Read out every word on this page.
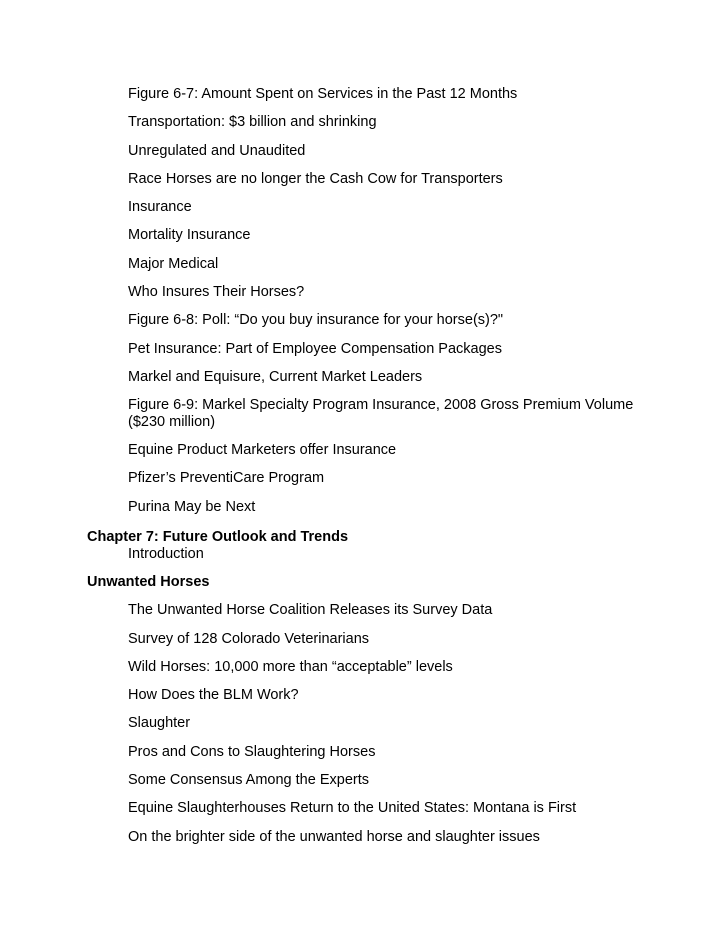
Figure 6-7: Amount Spent on Services in the Past 12 Months
Transportation: $3 billion and shrinking
Unregulated and Unaudited
Race Horses are no longer the Cash Cow for Transporters
Insurance
Mortality Insurance
Major Medical
Who Insures Their Horses?
Figure 6-8: Poll: “Do you buy insurance for your horse(s)?"
Pet Insurance: Part of Employee Compensation Packages
Markel and Equisure, Current Market Leaders
Figure 6-9: Markel Specialty Program Insurance, 2008 Gross Premium Volume
($230 million)
Equine Product Marketers offer Insurance
Pfizer’s PreventiCare Program
Purina May be Next
Chapter 7: Future Outlook and Trends
Introduction
Unwanted Horses
The Unwanted Horse Coalition Releases its Survey Data
Survey of 128 Colorado Veterinarians
Wild Horses: 10,000 more than “acceptable” levels
How Does the BLM Work?
Slaughter
Pros and Cons to Slaughtering Horses
Some Consensus Among the Experts
Equine Slaughterhouses Return to the United States: Montana is First
On the brighter side of the unwanted horse and slaughter issues
